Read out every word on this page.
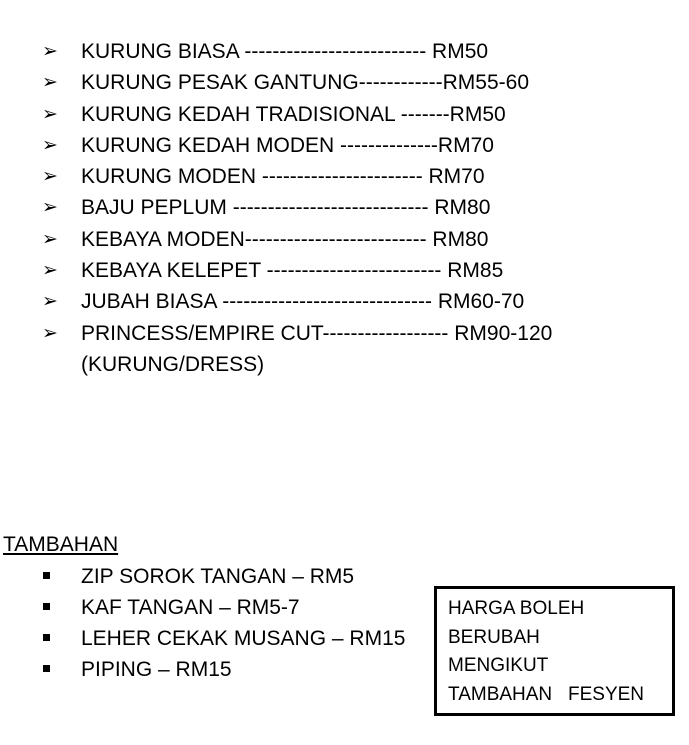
➢ KURUNG BIASA -------------------------- RM50
➢ KURUNG PESAK GANTUNG------------RM55-60
➢ KURUNG KEDAH TRADISIONAL -------RM50
➢ KURUNG KEDAH MODEN --------------RM70
➢ KURUNG MODEN ----------------------- RM70
➢ BAJU PEPLUM ---------------------------- RM80
➢ KEBAYA MODEN-------------------------- RM80
➢ KEBAYA KELEPET ------------------------- RM85
➢ JUBAH BIASA ------------------------------ RM60-70
➢ PRINCESS/EMPIRE CUT------------------ RM90-120
(KURUNG/DRESS)
TAMBAHAN
ZIP SOROK TANGAN – RM5
KAF TANGAN – RM5-7
LEHER CEKAK MUSANG – RM15
PIPING – RM15
HARGA BOLEH
BERUBAH
MENGIKUT
TAMBAHAN   FESYEN
